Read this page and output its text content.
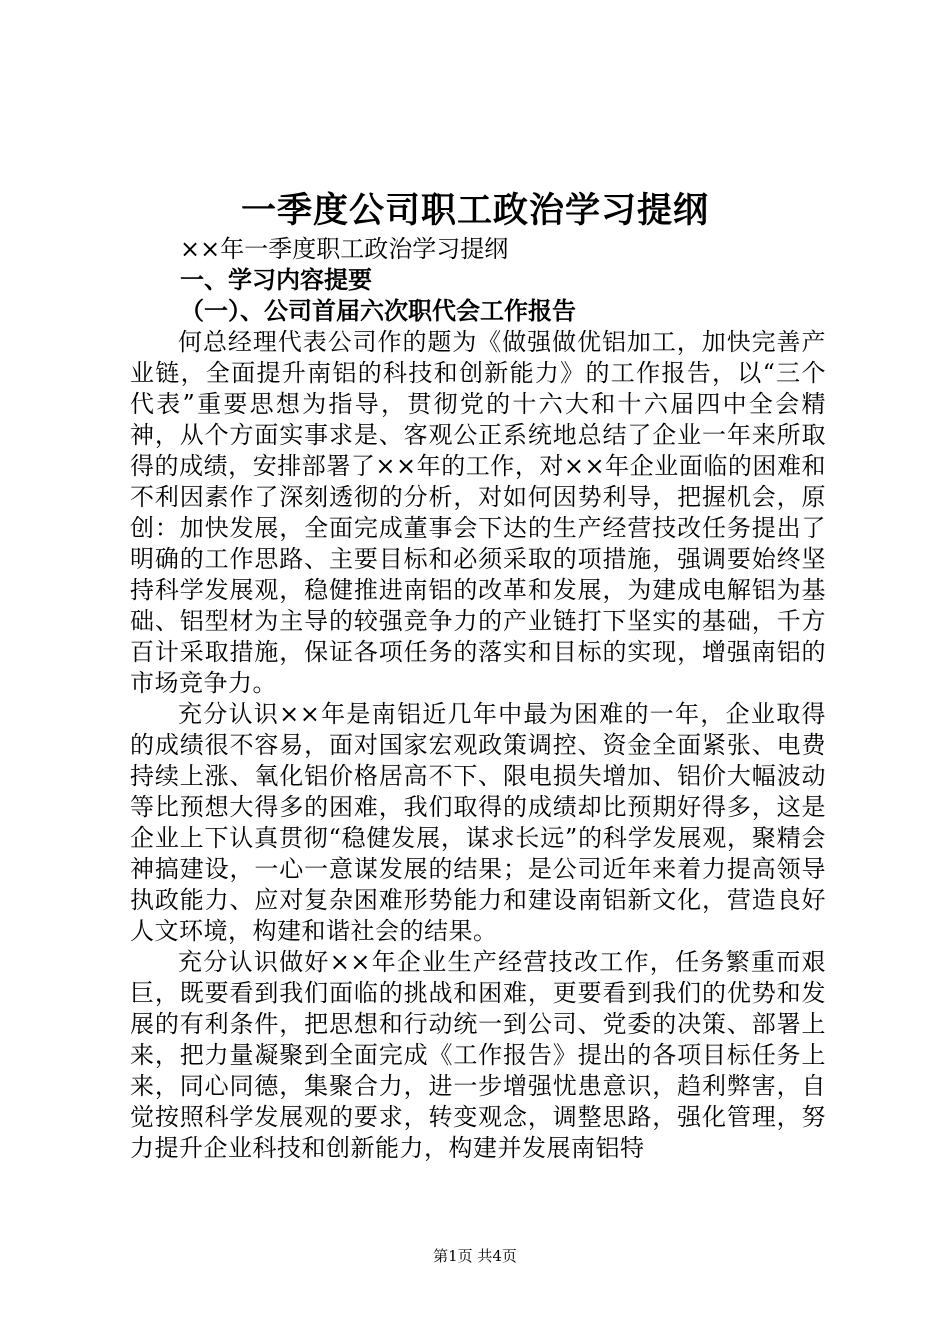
一季度公司职工政治学习提纲
××年一季度职工政治学习提纲
一、学习内容提要
（一）、公司首届六次职代会工作报告
何总经理代表公司作的题为《做强做优铝加工，加快完善产业链，全面提升南铝的科技和创新能力》的工作报告，以“三个代表”重要思想为指导，贯彻党的十六大和十六届四中全会精神，从个方面实事求是、客观公正系统地总结了企业一年来所取得的成绩，安排部署了××年的工作，对××年企业面临的困难和不利因素作了深刻透彻的分析，对如何因势利导，把握机会，原创：加快发展，全面完成董事会下达的生产经营技改任务提出了明确的工作思路、主要目标和必须采取的项措施，强调要始终坚持科学发展观，稳健推进南铝的改革和发展，为建成电解铝为基础、铝型材为主导的较强竞争力的产业链打下坚实的基础，千方百计采取措施，保证各项任务的落实和目标的实现，增强南铝的市场竞争力。
充分认识××年是南铝近几年中最为困难的一年，企业取得的成绩很不容易，面对国家宏观政策调控、资金全面紧张、电费持续上涨、氧化铝价格居高不下、限电损失增加、铝价大幅波动等比预想大得多的困难，我们取得的成绩却比预期好得多，这是企业上下认真贯彻“稳健发展，谋求长远”的科学发展观，聚精会神搞建设，一心一意谋发展的结果；是公司近年来着力提高领导执政能力、应对复杂困难形势能力和建设南铝新文化，营造良好人文环境，构建和谐社会的结果。
充分认识做好××年企业生产经营技改工作，任务繁重而艰巨，既要看到我们面临的挑战和困难，更要看到我们的优势和发展的有利条件，把思想和行动统一到公司、党委的决策、部署上来，把力量凝聚到全面完成《工作报告》提出的各项目标任务上来，同心同德，集聚合力，进一步增强忧患意识，趋利弊害，自觉按照科学发展观的要求，转变观念，调整思路，强化管理，努力提升企业科技和创新能力，构建并发展南铝特
第1页 共4页
